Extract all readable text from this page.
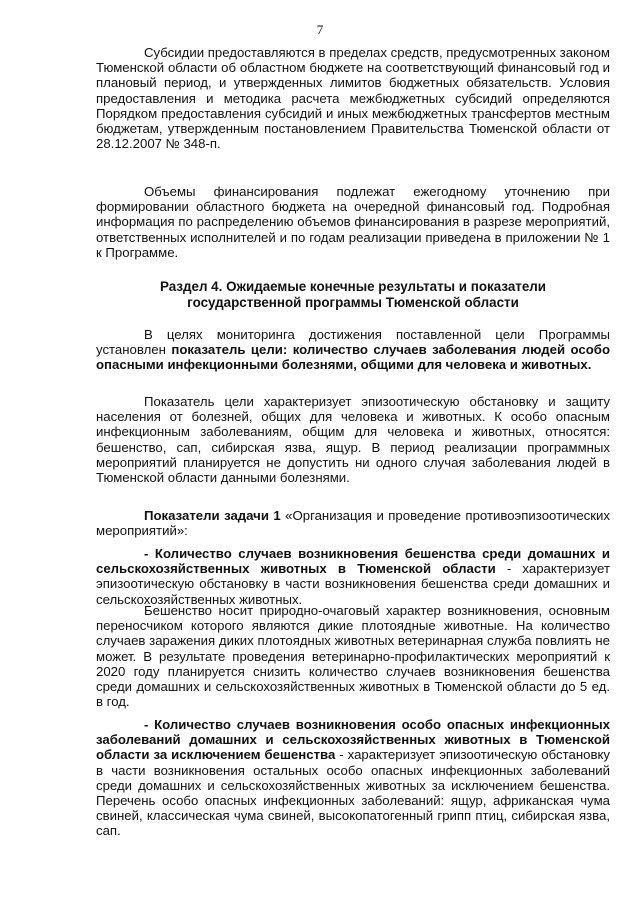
7

Субсидии предоставляются в пределах средств, предусмотренных законом Тюменской области об областном бюджете на соответствующий финансовый год и плановый период, и утвержденных лимитов бюджетных обязательств. Условия предоставления и методика расчета межбюджетных субсидий определяются Порядком предоставления субсидий и иных межбюджетных трансфертов местным бюджетам, утвержденным постановлением Правительства Тюменской области от 28.12.2007 № 348-п.

Объемы финансирования подлежат ежегодному уточнению при формировании областного бюджета на очередной финансовый год. Подробная информация по распределению объемов финансирования в разрезе мероприятий, ответственных исполнителей и по годам реализации приведена в приложении № 1 к Программе.

Раздел 4. Ожидаемые конечные результаты и показатели
государственной программы Тюменской области

В целях мониторинга достижения поставленной цели Программы установлен показатель цели: количество случаев заболевания людей особо опасными инфекционными болезнями, общими для человека и животных.

Показатель цели характеризует эпизоотическую обстановку и защиту населения от болезней, общих для человека и животных. К особо опасным инфекционным заболеваниям, общим для человека и животных, относятся: бешенство, сап, сибирская язва, ящур. В период реализации программных мероприятий планируется не допустить ни одного случая заболевания людей в Тюменской области данными болезнями.

Показатели задачи 1 «Организация и проведение противоэпизоотических мероприятий»:

- Количество случаев возникновения бешенства среди домашних и сельскохозяйственных животных в Тюменской области - характеризует эпизоотическую обстановку в части возникновения бешенства среди домашних и сельскохозяйственных животных.

Бешенство носит природно-очаговый характер возникновения, основным переносчиком которого являются дикие плотоядные животные. На количество случаев заражения диких плотоядных животных ветеринарная служба повлиять не может. В результате проведения ветеринарно-профилактических мероприятий к 2020 году планируется снизить количество случаев возникновения бешенства среди домашних и сельскохозяйственных животных в Тюменской области до 5 ед. в год.

- Количество случаев возникновения особо опасных инфекционных заболеваний домашних и сельскохозяйственных животных в Тюменской области за исключением бешенства - характеризует эпизоотическую обстановку в части возникновения остальных особо опасных инфекционных заболеваний среди домашних и сельскохозяйственных животных за исключением бешенства. Перечень особо опасных инфекционных заболеваний: ящур, африканская чума свиней, классическая чума свиней, высокопатогенный грипп птиц, сибирская язва, сап.
